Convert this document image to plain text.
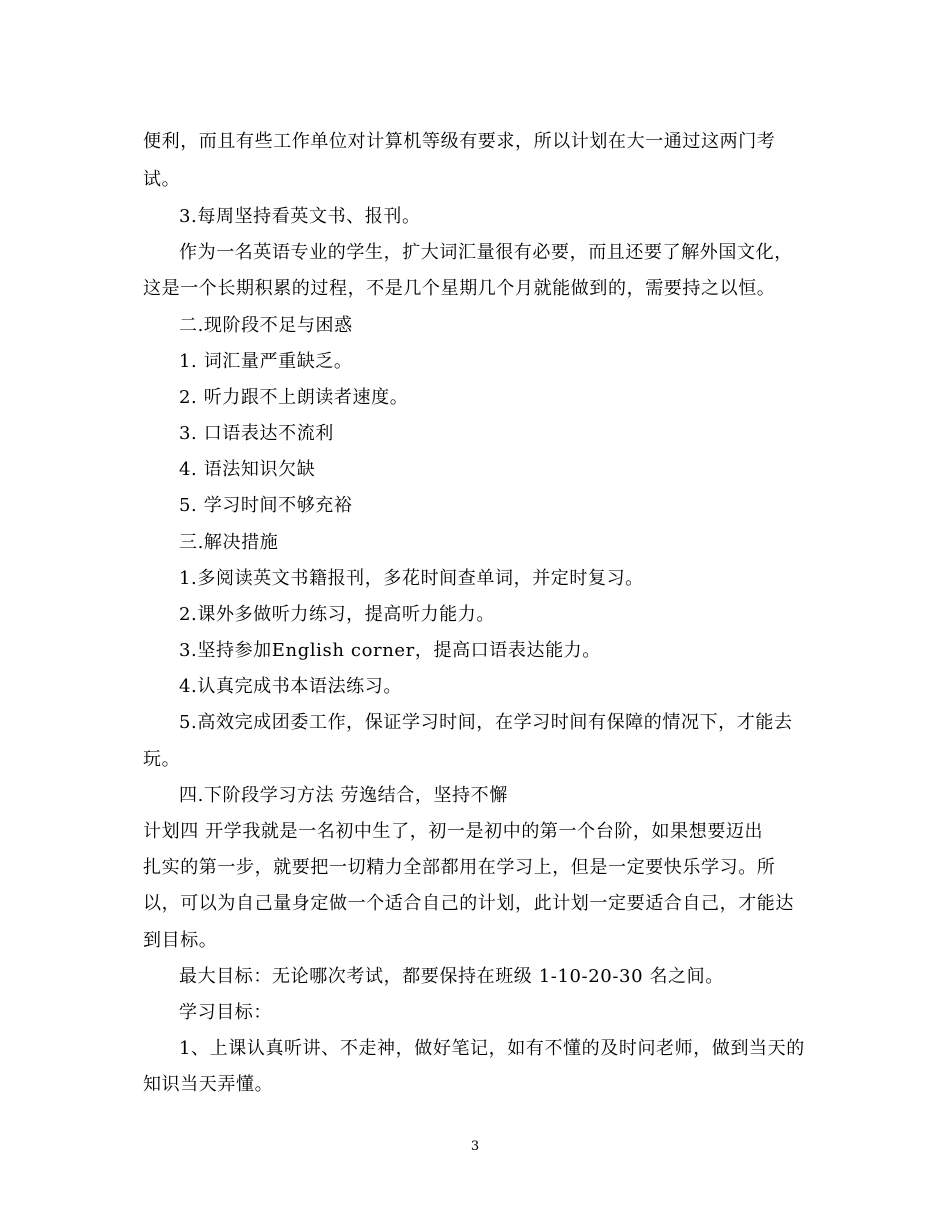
便利，而且有些工作单位对计算机等级有要求，所以计划在大一通过这两门考
试。
3.每周坚持看英文书、报刊。
作为一名英语专业的学生，扩大词汇量很有必要，而且还要了解外国文化，
这是一个长期积累的过程，不是几个星期几个月就能做到的，需要持之以恒。
二.现阶段不足与困惑
1. 词汇量严重缺乏。
2. 听力跟不上朗读者速度。
3. 口语表达不流利
4. 语法知识欠缺
5. 学习时间不够充裕
三.解决措施
1.多阅读英文书籍报刊，多花时间查单词，并定时复习。
2.课外多做听力练习，提高听力能力。
3.坚持参加English corner，提高口语表达能力。
4.认真完成书本语法练习。
5.高效完成团委工作，保证学习时间，在学习时间有保障的情况下，才能去
玩。
四.下阶段学习方法 劳逸结合，坚持不懈
计划四 开学我就是一名初中生了，初一是初中的第一个台阶，如果想要迈出
扎实的第一步，就要把一切精力全部都用在学习上，但是一定要快乐学习。所
以，可以为自己量身定做一个适合自己的计划，此计划一定要适合自己，才能达
到目标。
最大目标：无论哪次考试，都要保持在班级 1-10-20-30 名之间。
学习目标：
1、上课认真听讲、不走神，做好笔记，如有不懂的及时问老师，做到当天的
知识当天弄懂。
3
